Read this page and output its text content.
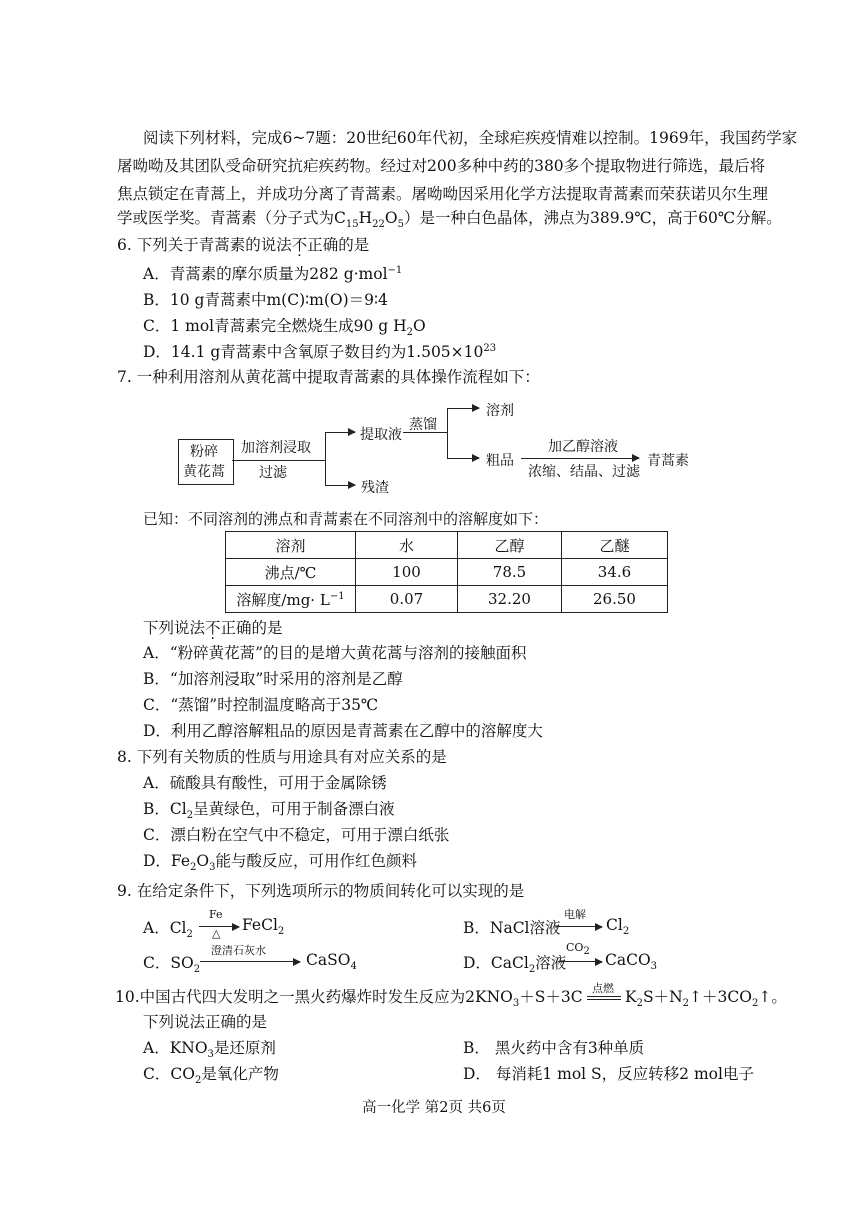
阅读下列材料，完成6~7题：20世纪60年代初，全球疟疾疫情难以控制。1969年，我国药学家
屠呦呦及其团队受命研究抗疟疾药物。经过对200多种中药的380多个提取物进行筛选，最后将
焦点锁定在青蒿上，并成功分离了青蒿素。屠呦呦因采用化学方法提取青蒿素而荣获诺贝尔生理
学或医学奖。青蒿素（分子式为$C_{15}H_{22}O_5$）是一种白色晶体，沸点为389.9℃，高于60℃分解。
6. 下列关于青蒿素的说法不正确的是
A．青蒿素的摩尔质量为282 g·mol$^{-1}$
B．10 g青蒿素中m(C)∶m(O)＝9∶4
C．1 mol青蒿素完全燃烧生成90 g $H_2O$
D．14.1 g青蒿素中含氧原子数目约为$1.505\times 10^{23}$
7. 一种利用溶剂从黄花蒿中提取青蒿素的具体操作流程如下：
粉碎
黄花蒿
加溶剂浸取
过滤
提取液
残渣
蒸馏
溶剂
粗品
加乙醇溶液
浓缩、结晶、过滤
青蒿素
已知：不同溶剂的沸点和青蒿素在不同溶剂中的溶解度如下：
溶剂	水	乙醇	乙醚
沸点/℃	100	78.5	34.6
溶解度$/mg\cdot L^{-1}$	0.07	32.20	26.50
下列说法不正确的是
A．“粉碎黄花蒿”的目的是增大黄花蒿与溶剂的接触面积
B．“加溶剂浸取”时采用的溶剂是乙醇
C．“蒸馏”时控制温度略高于35℃
D．利用乙醇溶解粗品的原因是青蒿素在乙醇中的溶解度大
8. 下列有关物质的性质与用途具有对应关系的是
A．硫酸具有酸性，可用于金属除锈
B．$Cl_2$呈黄绿色，可用于制备漂白液
C．漂白粉在空气中不稳定，可用于漂白纸张
D．$Fe_2O_3$能与酸反应，可用作红色颜料
9. 在给定条件下，下列选项所示的物质间转化可以实现的是
A．$Cl_2$
Fe
△ FeCl$_2$	B．NaCl溶液
电解
$Cl_2$
C．$SO_2$
澄清石灰水
CaSO$_4$	D．CaCl$_2$溶液
$CO_2$ CaCO$_3$
10.中国古代四大发明之一黑火药爆炸时发生反应为$2KNO_3+S+3C$ 点燃 $K_2S+N_2↑+3CO_2↑$。
下列说法正确的是
A．$KNO_3$是还原剂	B． 黑火药中含有3种单质
C．$CO_2$是氧化产物	D． 每消耗1 mol S，反应转移2 mol电子
高一化学 第2页 共6页
